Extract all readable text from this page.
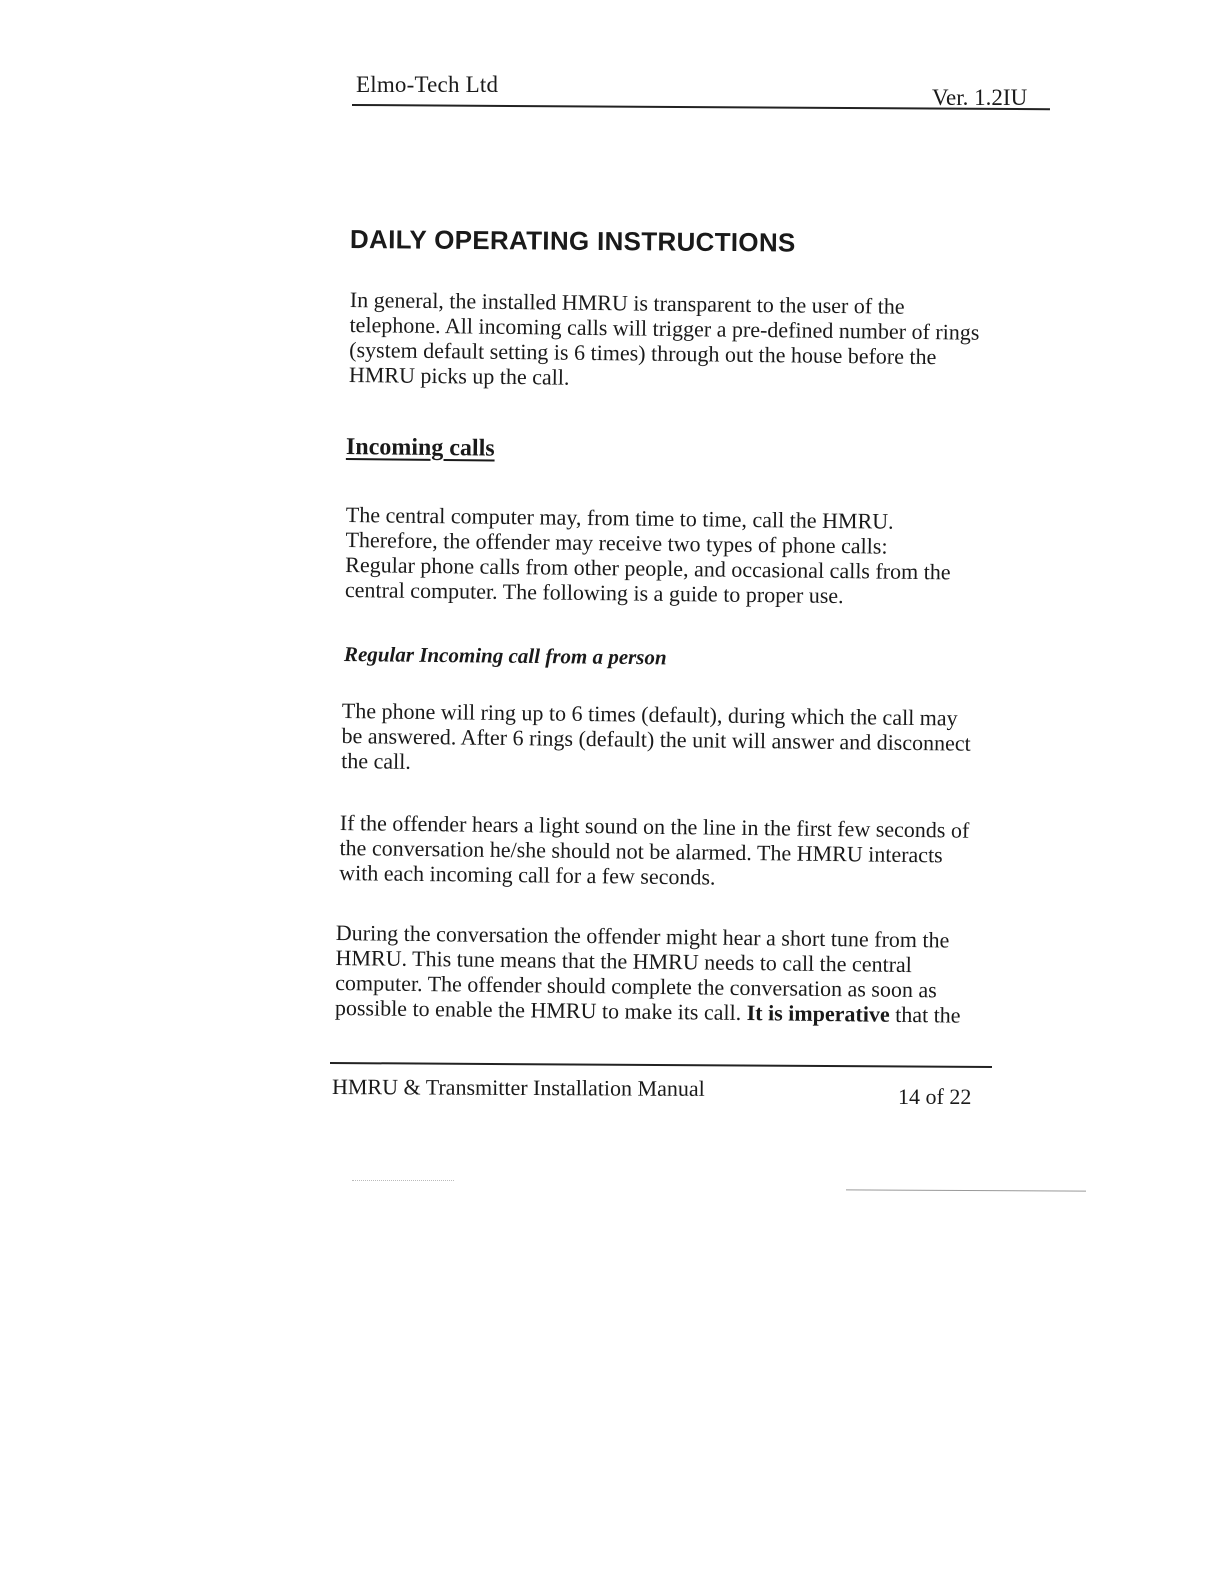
Elmo-Tech Ltd
Ver. 1.2IU
DAILY OPERATING INSTRUCTIONS
In general, the installed HMRU is transparent to the user of the
telephone. All incoming calls will trigger a pre-defined number of rings
(system default setting is 6 times) through out the house before the
HMRU picks up the call.
Incoming calls
The central computer may, from time to time, call the HMRU.
Therefore, the offender may receive two types of phone calls:
Regular phone calls from other people, and occasional calls from the
central computer. The following is a guide to proper use.
Regular Incoming call from a person
The phone will ring up to 6 times (default), during which the call may
be answered. After 6 rings (default) the unit will answer and disconnect
the call.
If the offender hears a light sound on the line in the first few seconds of
the conversation he/she should not be alarmed. The HMRU interacts
with each incoming call for a few seconds.
During the conversation the offender might hear a short tune from the
HMRU. This tune means that the HMRU needs to call the central
computer. The offender should complete the conversation as soon as
possible to enable the HMRU to make its call. It is imperative that the
HMRU & Transmitter Installation Manual	14 of 22
